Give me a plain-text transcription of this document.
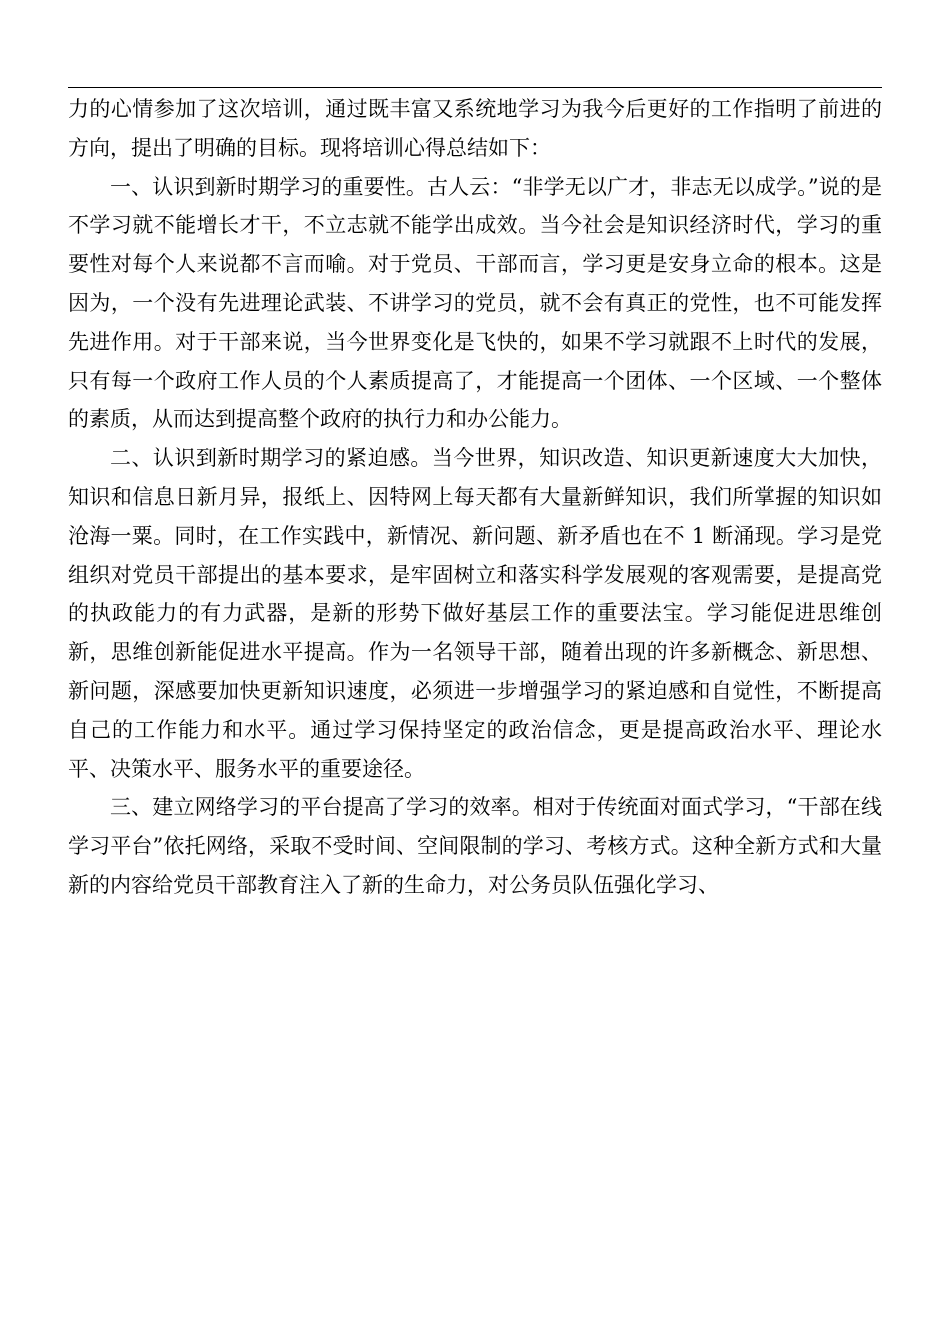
力的心情参加了这次培训，通过既丰富又系统地学习为我今后更好的工作指明了前进的方向，提出了明确的目标。现将培训心得总结如下：

一、认识到新时期学习的重要性。古人云：“非学无以广才，非志无以成学。”说的是不学习就不能增长才干，不立志就不能学出成效。当今社会是知识经济时代，学习的重要性对每个人来说都不言而喻。对于党员、干部而言，学习更是安身立命的根本。这是因为，一个没有先进理论武装、不讲学习的党员，就不会有真正的党性，也不可能发挥先进作用。对于干部来说，当今世界变化是飞快的，如果不学习就跟不上时代的发展，只有每一个政府工作人员的个人素质提高了，才能提高一个团体、一个区域、一个整体的素质，从而达到提高整个政府的执行力和办公能力。

二、认识到新时期学习的紧迫感。当今世界，知识改造、知识更新速度大大加快，知识和信息日新月异，报纸上、因特网上每天都有大量新鲜知识，我们所掌握的知识如沧海一粟。同时，在工作实践中，新情况、新问题、新矛盾也在不 1 断涌现。学习是党组织对党员干部提出的基本要求，是牢固树立和落实科学发展观的客观需要，是提高党的执政能力的有力武器，是新的形势下做好基层工作的重要法宝。学习能促进思维创新，思维创新能促进水平提高。作为一名领导干部，随着出现的许多新概念、新思想、新问题，深感要加快更新知识速度，必须进一步增强学习的紧迫感和自觉性，不断提高自己的工作能力和水平。通过学习保持坚定的政治信念，更是提高政治水平、理论水平、决策水平、服务水平的重要途径。

三、建立网络学习的平台提高了学习的效率。相对于传统面对面式学习，“干部在线学习平台”依托网络，采取不受时间、空间限制的学习、考核方式。这种全新方式和大量新的内容给党员干部教育注入了新的生命力，对公务员队伍强化学习、
